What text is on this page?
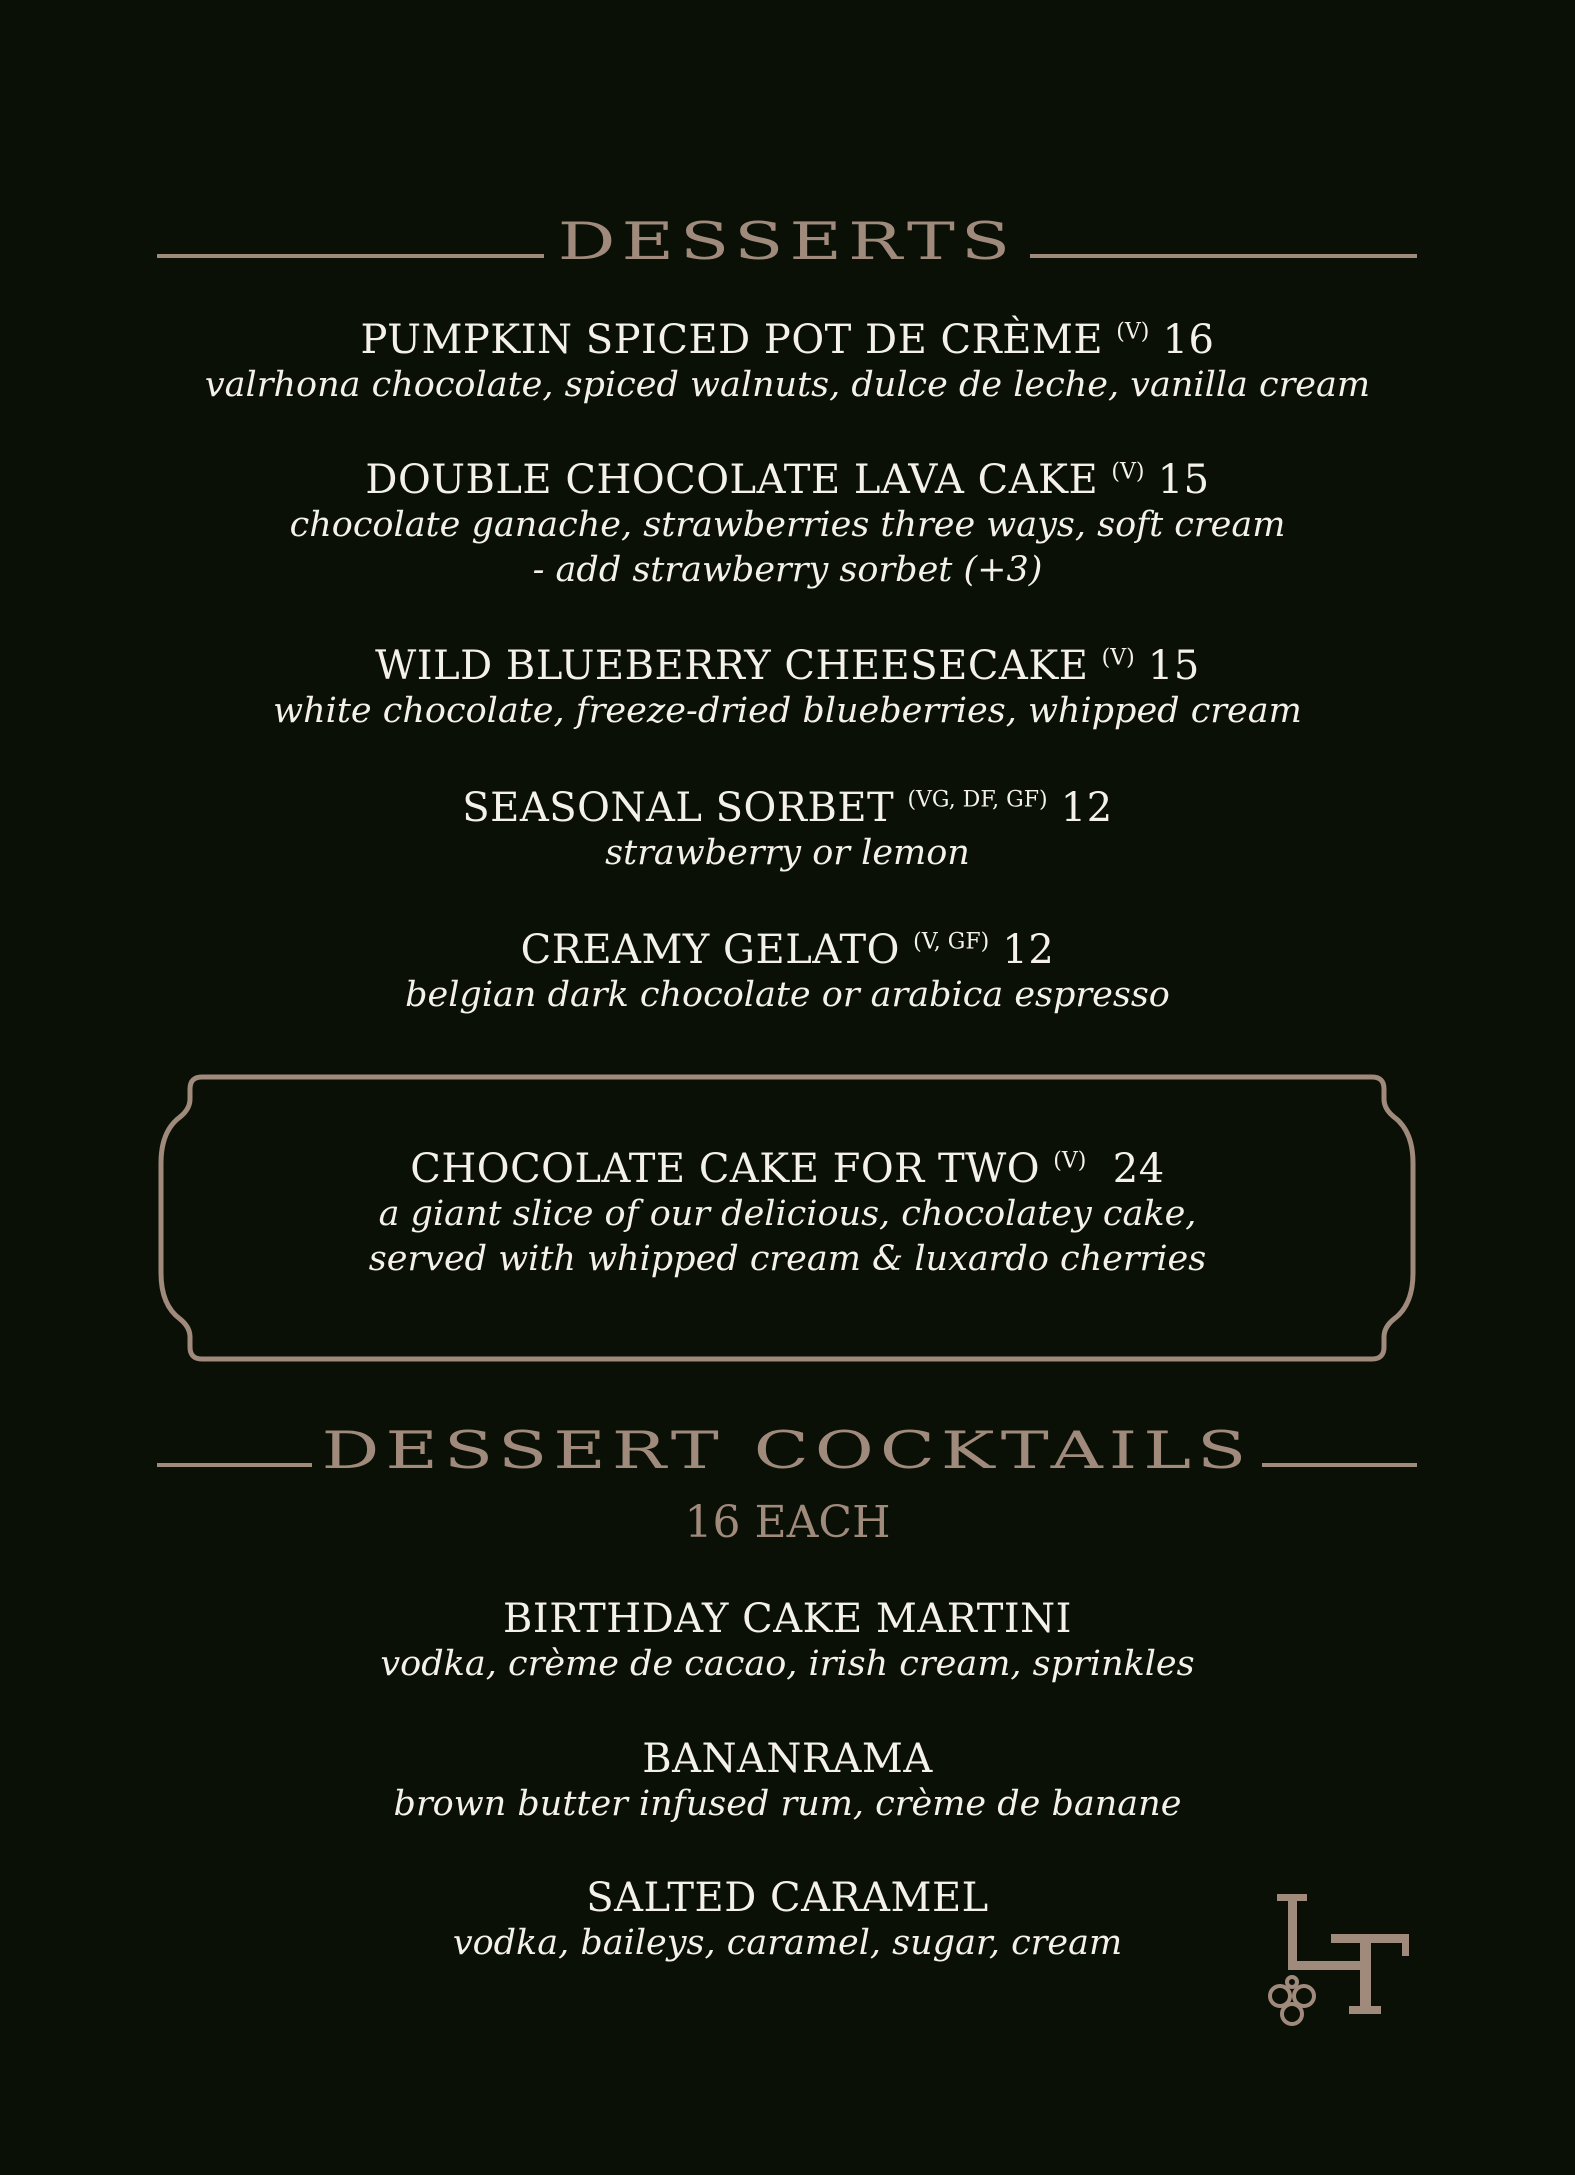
DESSERTS
PUMPKIN SPICED POT DE CRÈME $^{(V)}$ 16
valrhona chocolate, spiced walnuts, dulce de leche, vanilla cream
DOUBLE CHOCOLATE LAVA CAKE $^{(V)}$ 15
chocolate ganache, strawberries three ways, soft cream
- add strawberry sorbet (+3)
WILD BLUEBERRY CHEESECAKE $^{(V)}$ 15
white chocolate, freeze-dried blueberries, whipped cream
SEASONAL SORBET $^{(VG, DF, GF)}$ 12
strawberry or lemon
CREAMY GELATO $^{(V, GF)}$ 12
belgian dark chocolate or arabica espresso
CHOCOLATE CAKE FOR TWO $^{(V)}$ 24
a giant slice of our delicious, chocolatey cake,
served with whipped cream & luxardo cherries
DESSERT COCKTAILS
16 EACH
BIRTHDAY CAKE MARTINI
vodka, crème de cacao, irish cream, sprinkles
BANANRAMA
brown butter infused rum, crème de banane
SALTED CARAMEL
vodka, baileys, caramel, sugar, cream
